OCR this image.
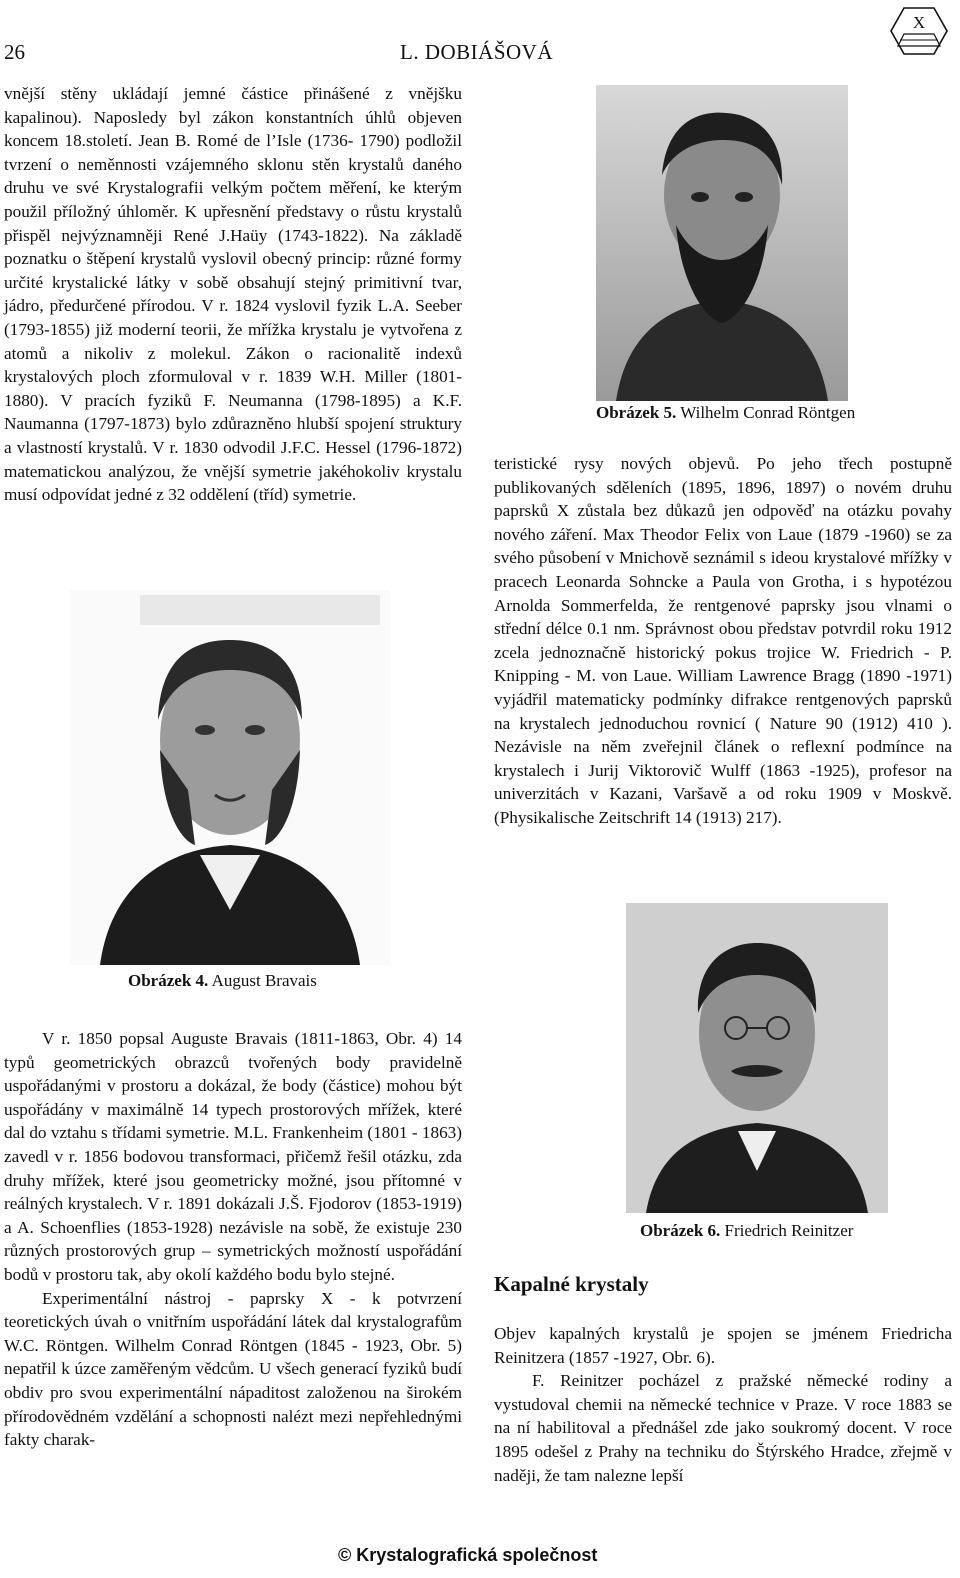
26	L. DOBIÁŠOVÁ
X

vnější stěny ukládají jemné částice přinášené z vnějšku kapalinou). Naposledy byl zákon konstantních úhlů objeven koncem 18.století. Jean B. Romé de l’Isle (1736- 1790) podložil tvrzení o neměnnosti vzájemného sklonu stěn krystalů daného druhu ve své Krystalografii velkým počtem měření, ke kterým použil příložný úhloměr. K upřesnění představy o růstu krystalů přispěl nejvýznamněji René J.Haüy (1743-1822). Na základě poznatku o štěpení krystalů vyslovil obecný princip: různé formy určité krystalické látky v sobě obsahují stejný primitivní tvar, jádro, předurčené přírodou. V r. 1824 vyslovil fyzik L.A. Seeber (1793-1855) již moderní teorii, že mřížka krystalu je vytvořena z atomů a nikoliv z molekul. Zákon o racionalitě indexů krystalových ploch zformuloval v r. 1839 W.H. Miller (1801-1880). V pracích fyziků F. Neumanna (1798-1895) a K.F. Naumanna (1797-1873) bylo zdůrazněno hlubší spojení struktury a vlastností krystalů. V r. 1830 odvodil J.F.C. Hessel (1796-1872) matematickou analýzou, že vnější symetrie jakéhokoliv krystalu musí odpovídat jedné z 32 oddělení (tříd) symetrie.

Obrázek 5. Wilhelm Conrad Röntgen

teristické rysy nových objevů. Po jeho třech postupně publikovaných sděleních (1895, 1896, 1897) o novém druhu paprsků X zůstala bez důkazů jen odpověď na otázku povahy nového záření. Max Theodor Felix von Laue (1879 -1960) se za svého působení v Mnichově seznámil s ideou krystalové mřížky v pracech Leonarda Sohncke a Paula von Grotha, i s hypotézou Arnolda Sommerfelda, že rentgenové paprsky jsou vlnami o střední délce 0.1 nm. Správnost obou představ potvrdil roku 1912 zcela jednoznačně historický pokus trojice W. Friedrich - P. Knipping - M. von Laue. William Lawrence Bragg (1890 -1971) vyjádřil matematicky podmínky difrakce rentgenových paprsků na krystalech jednoduchou rovnicí ( Nature 90 (1912) 410 ). Nezávisle na něm zveřejnil článek o reflexní podmínce na krystalech i Jurij Viktorovič Wulff (1863 -1925), profesor na univerzitách v Kazani, Varšavě a od roku 1909 v Moskvě. (Physikalische Zeitschrift 14 (1913) 217).

Obrázek 4. August Bravais
Obrázek 6. Friedrich Reinitzer

V r. 1850 popsal Auguste Bravais (1811-1863, Obr. 4) 14 typů geometrických obrazců tvořených body pravidelně uspořádanými v prostoru a dokázal, že body (částice) mohou být uspořádány v maximálně 14 typech prostorových mřížek, které dal do vztahu s třídami symetrie. M.L. Frankenheim (1801 - 1863) zavedl v r. 1856 bodovou transformaci, přičemž řešil otázku, zda druhy mřížek, které jsou geometricky možné, jsou přítomné v reálných krystalech. V r. 1891 dokázali J.Š. Fjodorov (1853-1919) a A. Schoenflies (1853-1928) nezávisle na sobě, že existuje 230 různých prostorových grup – symetrických možností uspořádání bodů v prostoru tak, aby okolí každého bodu bylo stejné.

Experimentální nástroj - paprsky X - k potvrzení teoretických úvah o vnitřním uspořádání látek dal krystalografům W.C. Röntgen. Wilhelm Conrad Röntgen (1845 - 1923, Obr. 5) nepatřil k úzce zaměřeným vědcům. U všech generací fyziků budí obdiv pro svou experimentální nápaditost založenou na širokém přírodovědném vzdělání a schopnosti nalézt mezi nepřehlednými fakty charak-

Kapalné krystaly

Objev kapalných krystalů je spojen se jménem Friedricha Reinitzera (1857 -1927, Obr. 6).

F. Reinitzer pocházel z pražské německé rodiny a vystudoval chemii na německé technice v Praze. V roce 1883 se na ní habilitoval a přednášel zde jako soukromý docent. V roce 1895 odešel z Prahy na techniku do Štýrského Hradce, zřejmě v naději, že tam nalezne lepší

© Krystalografická společnost
